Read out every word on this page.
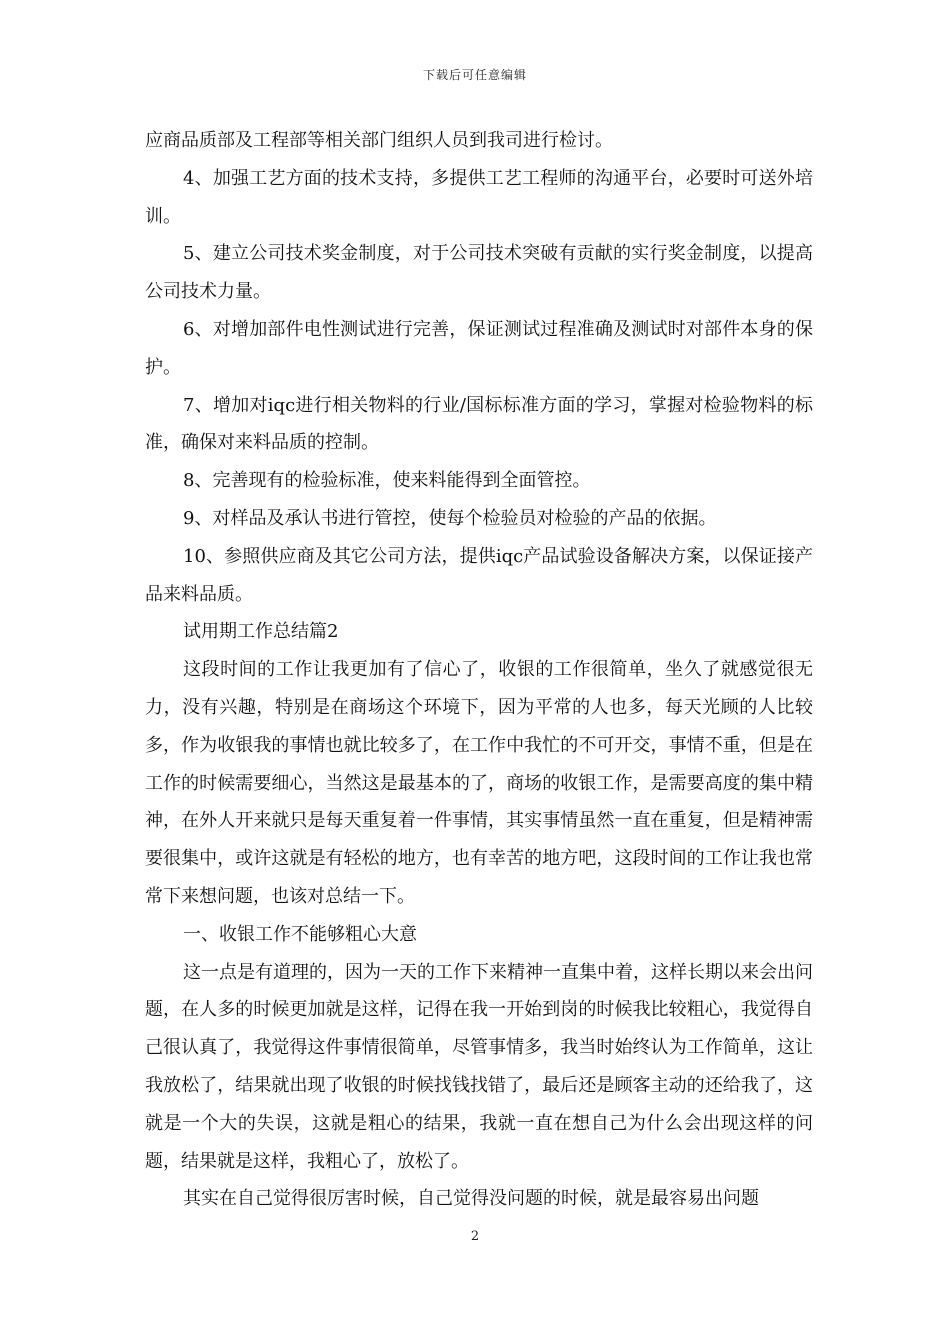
下载后可任意编辑

应商品质部及工程部等相关部门组织人员到我司进行检讨。

4、加强工艺方面的技术支持，多提供工艺工程师的沟通平台，必要时可送外培训。

5、建立公司技术奖金制度，对于公司技术突破有贡献的实行奖金制度，以提高公司技术力量。

6、对增加部件电性测试进行完善，保证测试过程准确及测试时对部件本身的保护。

7、增加对iqc进行相关物料的行业/国标标准方面的学习，掌握对检验物料的标准，确保对来料品质的控制。

8、完善现有的检验标准，使来料能得到全面管控。

9、对样品及承认书进行管控，使每个检验员对检验的产品的依据。

10、参照供应商及其它公司方法，提供iqc产品试验设备解决方案，以保证接产品来料品质。

试用期工作总结篇2

这段时间的工作让我更加有了信心了，收银的工作很简单，坐久了就感觉很无力，没有兴趣，特别是在商场这个环境下，因为平常的人也多，每天光顾的人比较多，作为收银我的事情也就比较多了，在工作中我忙的不可开交，事情不重，但是在工作的时候需要细心，当然这是最基本的了，商场的收银工作，是需要高度的集中精神，在外人开来就只是每天重复着一件事情，其实事情虽然一直在重复，但是精神需要很集中，或许这就是有轻松的地方，也有幸苦的地方吧，这段时间的工作让我也常常下来想问题，也该对总结一下。

一、收银工作不能够粗心大意

这一点是有道理的，因为一天的工作下来精神一直集中着，这样长期以来会出问题，在人多的时候更加就是这样，记得在我一开始到岗的时候我比较粗心，我觉得自己很认真了，我觉得这件事情很简单，尽管事情多，我当时始终认为工作简单，这让我放松了，结果就出现了收银的时候找钱找错了，最后还是顾客主动的还给我了，这就是一个大的失误，这就是粗心的结果，我就一直在想自己为什么会出现这样的问题，结果就是这样，我粗心了，放松了。

其实在自己觉得很厉害时候，自己觉得没问题的时候，就是最容易出问题

2
